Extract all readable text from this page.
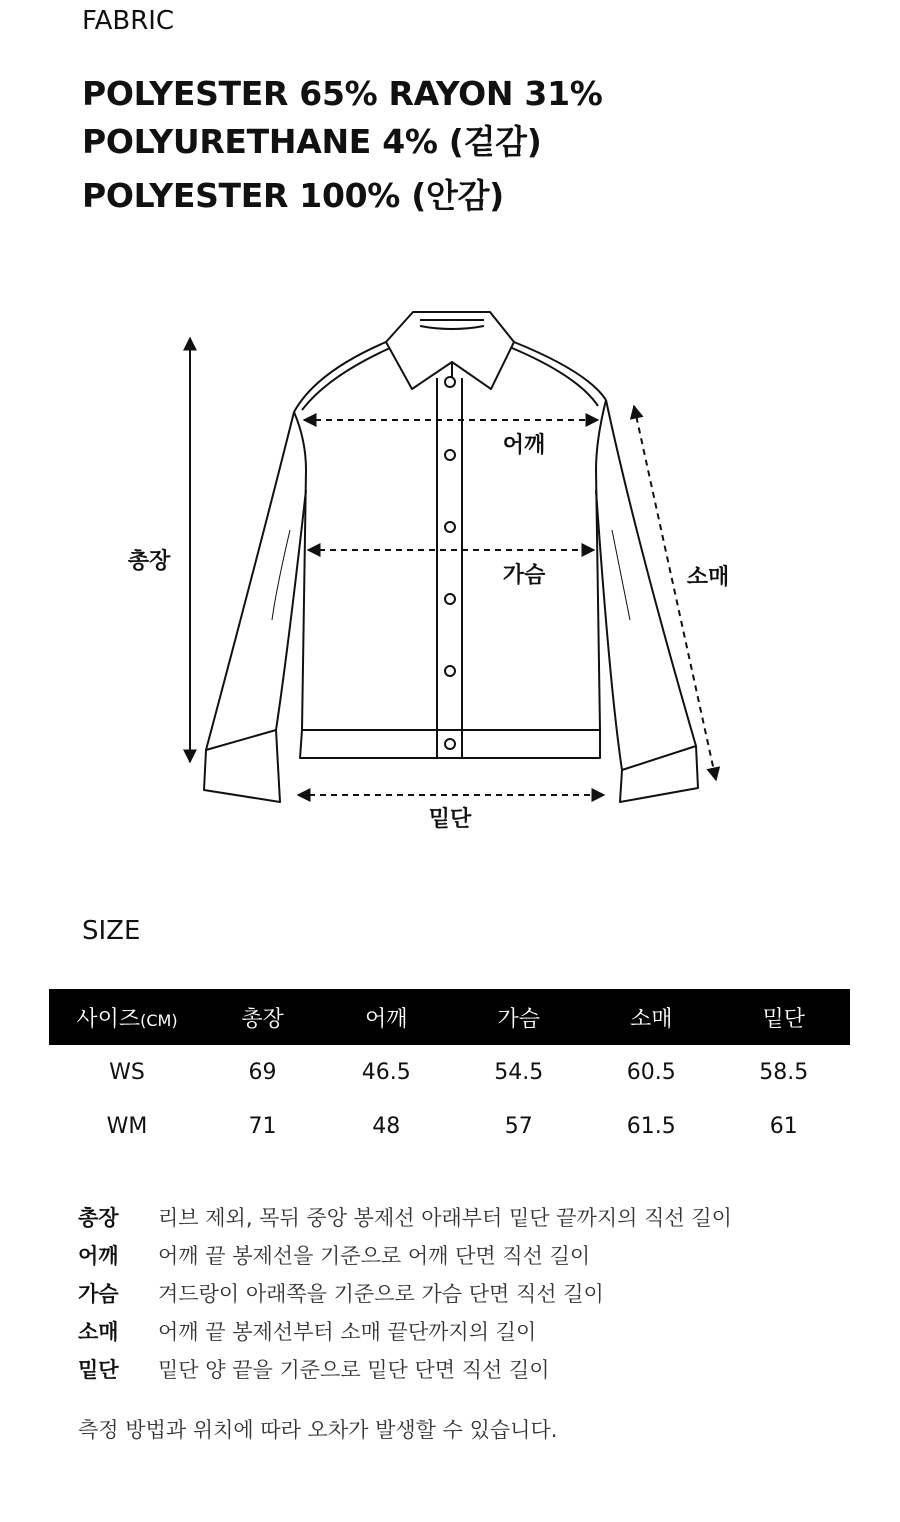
FABRIC
POLYESTER 65% RAYON 31%
POLYURETHANE 4% (겉감)
POLYESTER 100% (안감)
총장
어깨
가슴	소매
밑단
SIZE
사이즈(CM)	총장	어깨	가슴	소매	밑단
WS	69	46.5	54.5	60.5	58.5
WM	71	48	57	61.5	61
총장	리브 제외, 목뒤 중앙 봉제선 아래부터 밑단 끝까지의 직선 길이
어깨	어깨 끝 봉제선을 기준으로 어깨 단면 직선 길이
가슴	겨드랑이 아래쪽을 기준으로 가슴 단면 직선 길이
소매	어깨 끝 봉제선부터 소매 끝단까지의 길이
밑단	밑단 양 끝을 기준으로 밑단 단면 직선 길이
측정 방법과 위치에 따라 오차가 발생할 수 있습니다.
